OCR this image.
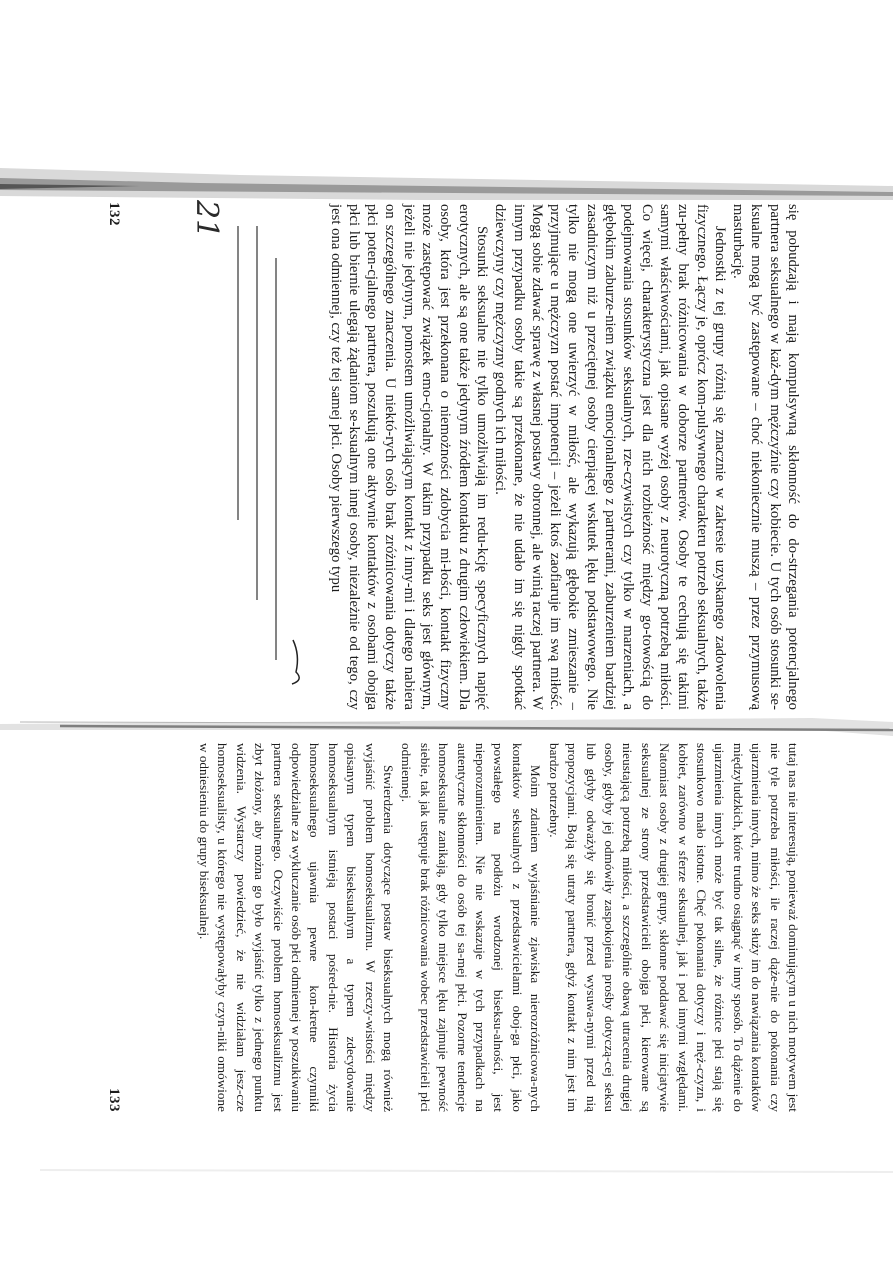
21	się pobudzają i mają kompulsywną skłonność do do-strzegania potencjalnego partnera seksualnego w każ-dym mężczyźnie czy kobiecie. U tych osób stosunki se-ksualne mogą być zastępowane – choć niekoniecznie muszą – przez przymusową masturbację.

Jednostki z tej grupy różnią się znacznie w zakresie uzyskanego zadowolenia fizycznego. Łączy je, oprócz kom-pulsywnego charakteru potrzeb seksualnych, także zu-pełny brak różnicowania w doborze partnerów. Osoby te cechują się takimi samymi właściwościami, jak opisane wyżej osoby z neurotyczną potrzebą miłości. Co więcej, charakterystyczna jest dla nich rozbieżność między go-towością do podejmowania stosunków seksualnych, rze-czywistych czy tylko w marzeniach, a głębokim zaburze-niem związku emocjonalnego z partnerami, zaburzeniem bardziej zasadniczym niż u przeciętnej osoby cierpiącej wskutek lęku podstawowego. Nie tylko nie mogą one uwierzyć w miłość, ale wykazują głębokie zmieszanie – przyjmujące u mężczyzn postać impotencji – jeżeli ktoś zaofiaruje im swą miłość. Mogą sobie zdawać sprawę z własnej postawy obronnej, ale winią raczej partnera. W innym przypadku osoby takie są przekonane, że nie udało im się nigdy spotkać dziewczyny czy mężczyzny godnych ich miłości.

Stosunki seksualne nie tylko umożliwiają im redu-kcję specyficznych napięć erotycznych, ale są one także jedynym źródłem kontaktu z drugim człowiekiem. Dla osoby, która jest przekonana o niemożności zdobycia mi-łości, kontakt fizyczny może zastępować związek emo-cjonalny. W takim przypadku seks jest głównym, jeżeli nie jedynym, pomostem umożliwiającym kontakt z inny-mi i dlatego nabiera on szczególnego znaczenia. U niektó-rych osób brak zróżnicowania dotyczy także płci poten-cjalnego partnera, poszukują one aktywnie kontaktów z osobami obojga płci lub biernie ulegają żądaniom se-ksualnym innej osoby, niezależnie od tego, czy jest ona odmiennej, czy też tej samej płci. Osoby pierwszego typu

132

tutaj nas nie interesują, ponieważ dominującym u nich motywem jest nie tyle potrzeba miłości, ile raczej dąże-nie do pokonania czy ujarzmienia innych, mimo że seks służy im do nawiązania kontaktów międzyludzkich, które trudno osiągnąć w inny sposób. To dążenie do ujarzmienia innych może być tak silne, że różnice płci stają się stosunkowo mało istotne. Chęć pokonania dotyczy i męż-czyzn, i kobiet, zarówno w sferze seksualnej, jak i pod innymi względami. Natomiast osoby z drugiej grupy, skłonne poddawać się inicjatywie seksualnej ze strony przedstawicieli obojga płci, kierowane są nieustającą potrzebą miłości, a szczególnie obawą utracenia drugiej osoby, gdyby jej odmówiły zaspokojenia prośby dotyczą-cej seksu lub gdyby odważyły się bronić przed wysuwa-nymi przed nią propozycjami. Boją się utraty partnera, gdyż kontakt z nim jest im bardzo potrzebny.

Moim zdaniem wyjaśnianie zjawiska nierozróżnicowa-nych kontaktów seksualnych z przedstawicielami oboj-ga płci, jako powstałego na podłożu wrodzonej biseksu-alności, jest nieporozumieniem. Nie nie wskazuje w tych przypadkach na autentyczne skłonności do osób tej sa-mej płci. Pozorne tendencje homoseksualne zanikają, gdy tylko miejsce lęku zajmuje pewność siebie, tak jak ustępuje brak różnicowania wobec przedstawicieli płci odmiennej.

Stwierdzenia dotyczące postaw biseksualnych mogą również wyjaśnić problem homoseksualizmu. W rzeczy-wistości między opisanym typem biseksualnym a typem zdecydowanie homoseksualnym istnieją postaci pośred-nie. Historia życia homoseksualnego ujawnia pewne kon-kretne czynniki odpowiedzialne za wykluczanie osób płci odmiennej w poszukiwaniu partnera seksualnego. Oczywiście problem homoseksualizmu jest zbyt złożony, aby można go było wyjaśnić tylko z jednego punktu widzenia. Wystarczy powiedzieć, że nie widziałam jesz-cze homoseksualisty, u którego nie występowałyby czyn-niki omówione w odniesieniu do grupy biseksualnej.

133
